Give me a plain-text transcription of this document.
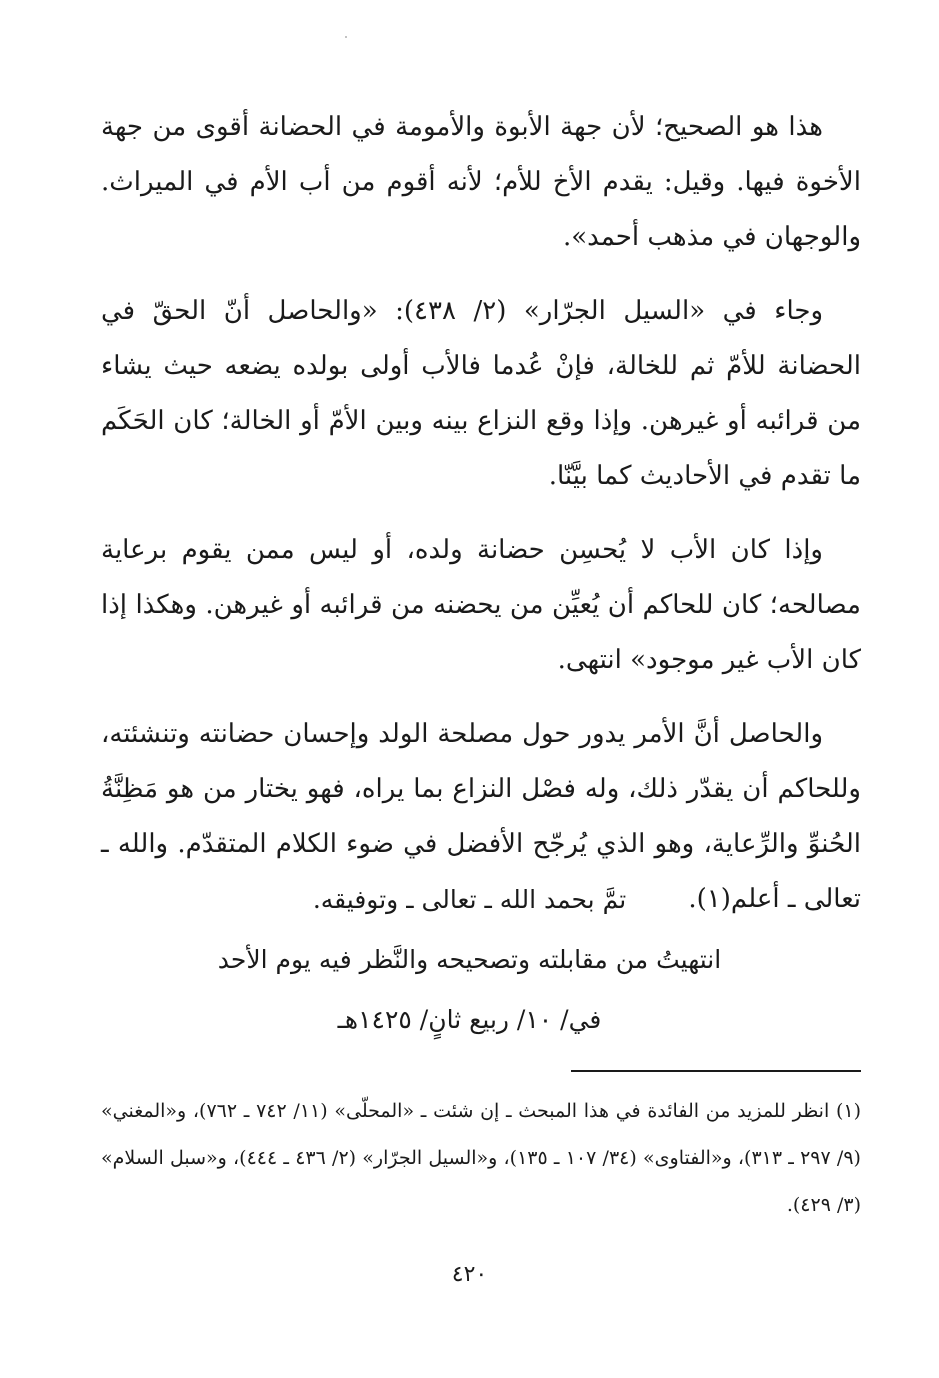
هذا هو الصحيح؛ لأن جهة الأبوة والأمومة في الحضانة أقوى من جهة الأخوة فيها. وقيل: يقدم الأخ للأم؛ لأنه أقوم من أب الأم في الميراث. والوجهان في مذهب أحمد».

وجاء في «السيل الجرّار» (٢/ ٤٣٨): «والحاصل أنّ الحقّ في الحضانة للأمّ ثم للخالة، فإنْ عُدما فالأب أولى بولده يضعه حيث يشاء من قرائبه أو غيرهن. وإذا وقع النزاع بينه وبين الأمّ أو الخالة؛ كان الحَكَم ما تقدم في الأحاديث كما بيَّنّا.

وإذا كان الأب لا يُحسِن حضانة ولده، أو ليس ممن يقوم برعاية مصالحه؛ كان للحاكم أن يُعيِّن من يحضنه من قرائبه أو غيرهن. وهكذا إذا كان الأب غير موجود» انتهى.

والحاصل أنَّ الأمر يدور حول مصلحة الولد وإحسان حضانته وتنشئته، وللحاكم أن يقدّر ذلك، وله فصْل النزاع بما يراه، فهو يختار من هو مَظِنَّةُ الحُنوِّ والرِّعاية، وهو الذي يُرجّح الأفضل في ضوء الكلام المتقدّم. والله ـ تعالى ـ أعلم(١).

تمَّ بحمد الله ـ تعالى ـ وتوفيقه.
انتهيتُ من مقابلته وتصحيحه والنَّظر فيه يوم الأحد
في/ ١٠/ ربيع ثانٍ/ ١٤٢٥هـ
(١) انظر للمزيد من الفائدة في هذا المبحث ـ إن شئت ـ «المحلّى» (١١/ ٧٤٢ ـ ٧٦٢)، و«المغني» (٩/ ٢٩٧ ـ ٣١٣)، و«الفتاوى» (٣٤/ ١٠٧ ـ ١٣٥)، و«السيل الجرّار» (٢/ ٤٣٦ ـ ٤٤٤)، و«سبل السلام» (٣/ ٤٢٩).
٤٢٠
